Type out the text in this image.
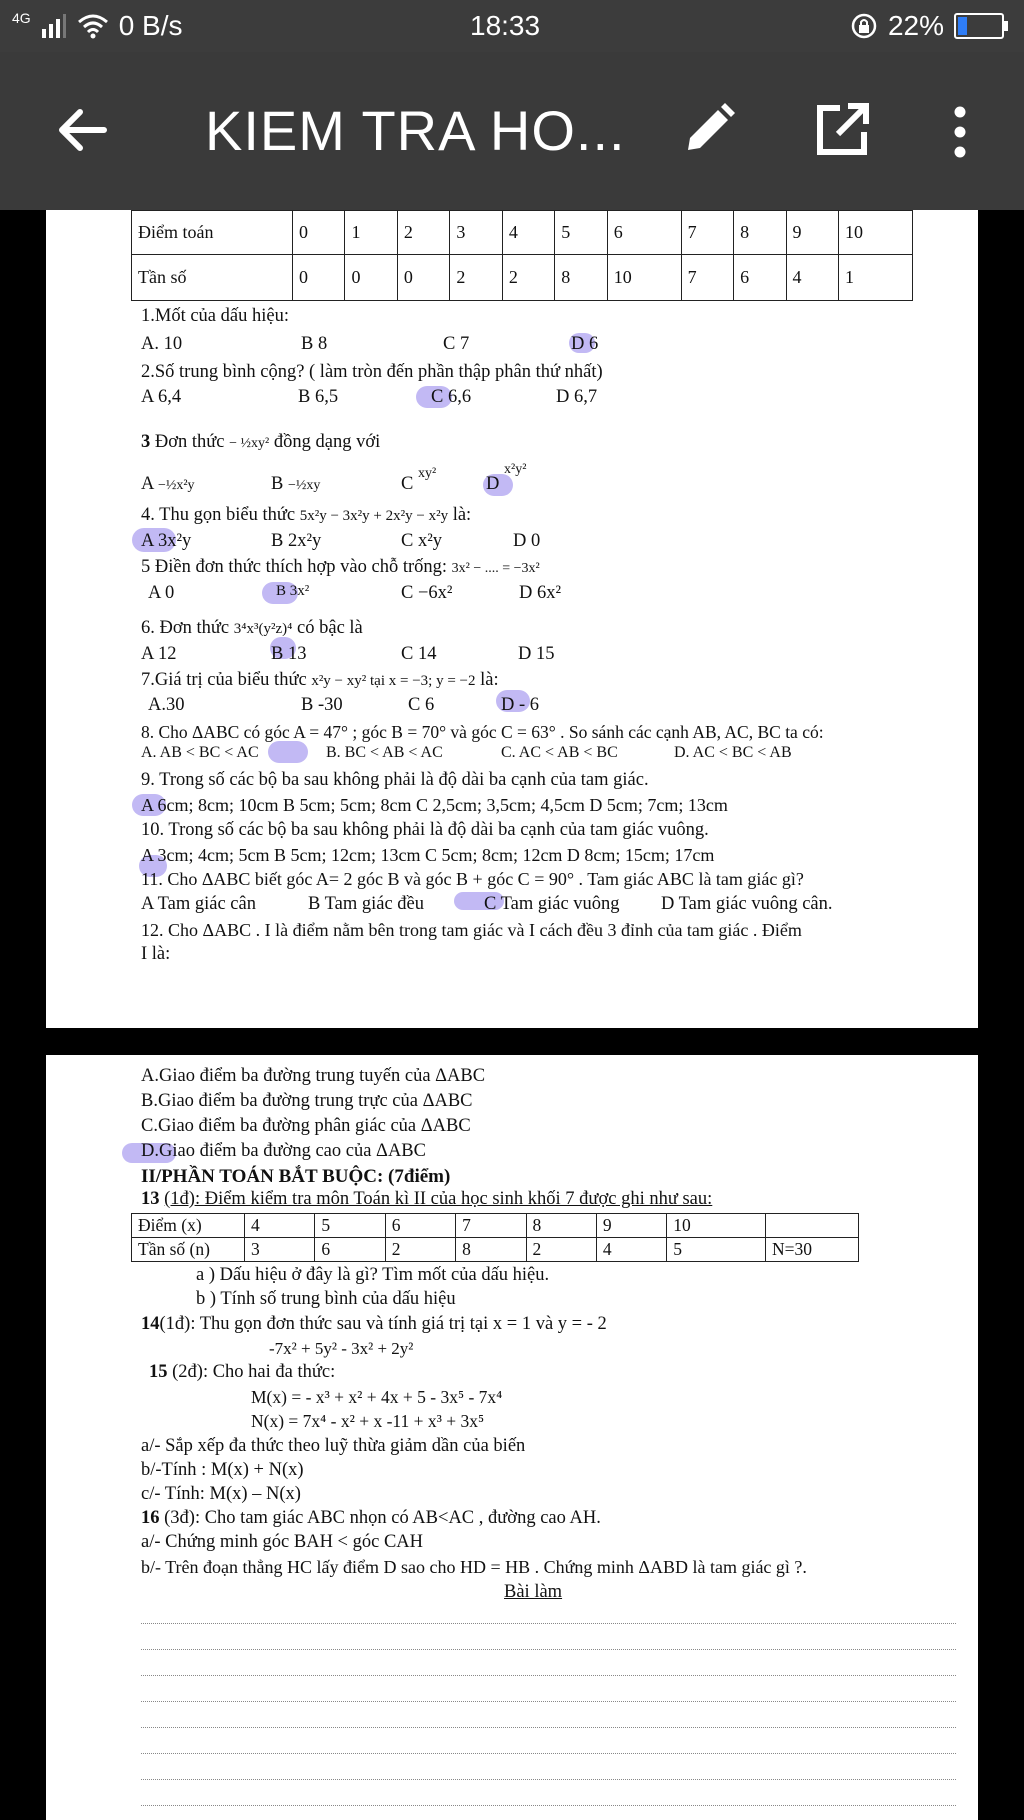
4G	0 B/s	18:33	22%
KIEM TRA HO...
Điểm toán	0	1	2	3	4	5	6	7	8	9	10
Tần số	0	0	0	2	2	8	10	7	6	4	1
1.Mốt của dấu hiệu:
A. 10	B 8	C 7	D 6
2.Số trung bình cộng? ( làm tròn đến phần thập phân thứ nhất)
A 6,4	B 6,5	C 6,6	D 6,7
3 Đơn thức − ½xy² đồng dạng với
A −½x²y	B −½xy	C $^{xy^2}$
D $^{x^2y^2}$
4. Thu gọn biểu thức 5x²y − 3x²y + 2x²y − x²y là:
A 3x²y	B 2x²y	C x²y	D 0
5 Điền đơn thức thích hợp vào chỗ trống: 3x² − .... = −3x²
A 0	B 3x²	C −6x²	D 6x²
6. Đơn thức 3⁴x³(y²z)⁴ có bậc là
A 12	B 13	C 14	D 15
7.Giá trị của biểu thức x²y − xy² tại x = −3; y = −2 là:
A.30	B -30	C 6	D - 6
8. Cho ΔABC có góc A = 47° ; góc B = 70° và góc C = 63° . So sánh các cạnh AB, AC, BC ta có:
A. AB < BC < AC	B. BC < AB < AC	C. AC < AB < BC	D. AC < BC < AB
9. Trong số các bộ ba sau không phải là độ dài ba cạnh của tam giác.
A 6cm; 8cm; 10cm B 5cm; 5cm; 8cm C 2,5cm; 3,5cm; 4,5cm D 5cm; 7cm; 13cm
10. Trong số các bộ ba sau không phải là độ dài ba cạnh của tam giác vuông.
A 3cm; 4cm; 5cm B 5cm; 12cm; 13cm C 5cm; 8cm; 12cm D 8cm; 15cm; 17cm
11. Cho ΔABC biết góc A= 2 góc B và góc B + góc C = 90° . Tam giác ABC là tam giác gì?
A Tam giác cân	B Tam giác đều	C Tam giác vuông D Tam giác vuông cân.
12. Cho ΔABC . I là điểm nằm bên trong tam giác và I cách đều 3 đỉnh của tam giác . Điểm
I là:
A.Giao điểm ba đường trung tuyến của ΔABC
B.Giao điểm ba đường trung trực của ΔABC
C.Giao điểm ba đường phân giác của ΔABC
D.Giao điểm ba đường cao của ΔABC
II/PHẦN TOÁN BẮT BUỘC: (7điểm)
13 (1đ): Điểm kiểm tra môn Toán kì II của học sinh khối 7 được ghi như sau:
Điểm (x)	4	5	6	7	8	9	10	
Tần số (n)	3	6	2	8	2	4	5	N=30
a ) Dấu hiệu ở đây là gì? Tìm mốt của dấu hiệu.
b ) Tính số trung bình của dấu hiệu
14(1đ): Thu gọn đơn thức sau và tính giá trị tại x = 1 và y = - 2
-7x² + 5y² - 3x² + 2y²
15 (2đ): Cho hai đa thức:
M(x) = - x³ + x² + 4x + 5 - 3x⁵ - 7x⁴
N(x) = 7x⁴ - x² + x -11 + x³ + 3x⁵
a/- Sắp xếp đa thức theo luỹ thừa giảm dần của biến
b/-Tính : M(x) + N(x)
c/- Tính: M(x) – N(x)
16 (3đ): Cho tam giác ABC nhọn có AB<AC , đường cao AH.
a/- Chứng minh góc BAH < góc CAH
b/- Trên đoạn thẳng HC lấy điểm D sao cho HD = HB . Chứng minh ΔABD là tam giác gì ?.
Bài làm
